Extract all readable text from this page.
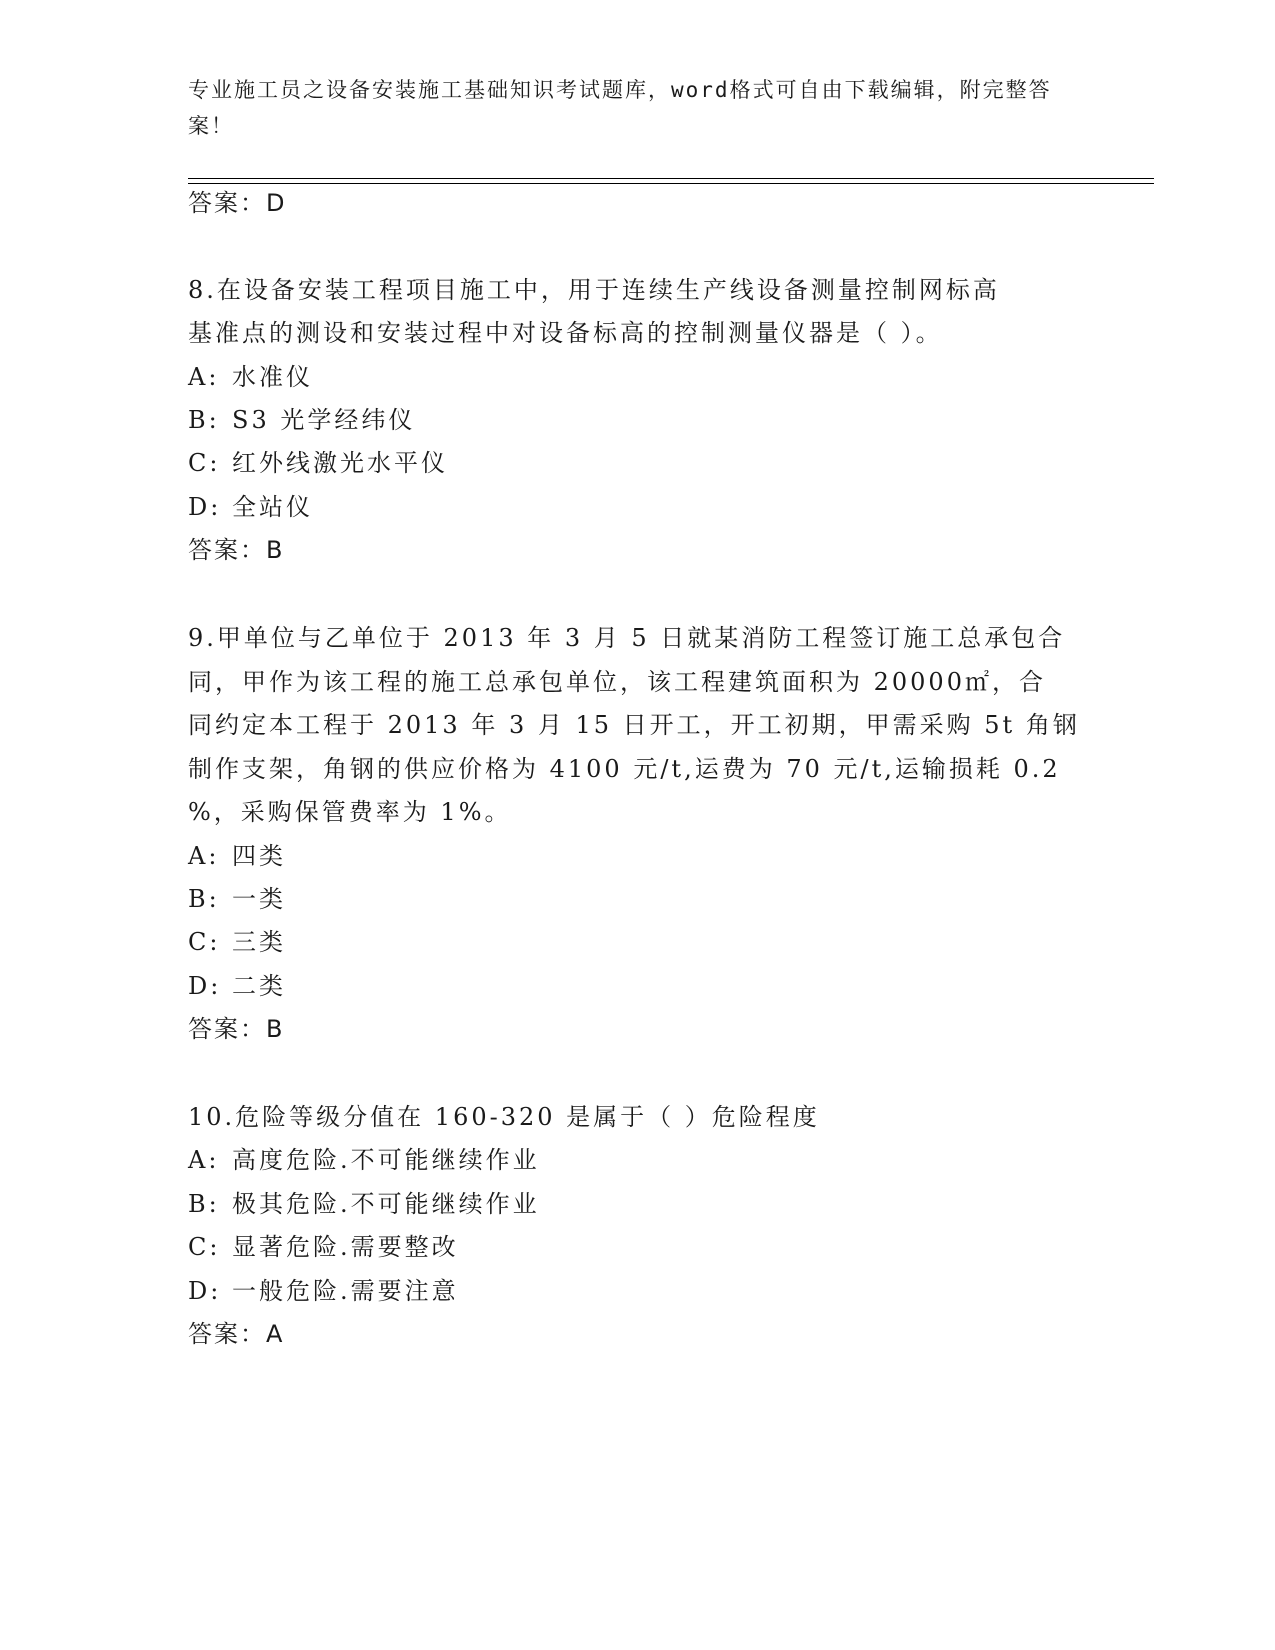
专业施工员之设备安装施工基础知识考试题库，word格式可自由下载编辑，附完整答案！
答案：D
8.在设备安装工程项目施工中，用于连续生产线设备测量控制网标高
基准点的测设和安装过程中对设备标高的控制测量仪器是（ ）。
A: 水准仪
B: S3 光学经纬仪
C: 红外线激光水平仪
D: 全站仪
答案：B
9.甲单位与乙单位于 2013 年 3 月 5 日就某消防工程签订施工总承包合
同，甲作为该工程的施工总承包单位，该工程建筑面积为 20000㎡，合
同约定本工程于 2013 年 3 月 15 日开工，开工初期，甲需采购 5t 角钢
制作支架，角钢的供应价格为 4100 元/t,运费为 70 元/t,运输损耗 0.2
%，采购保管费率为 1%。
A: 四类
B: 一类
C: 三类
D: 二类
答案：B
10.危险等级分值在 160-320 是属于（ ）危险程度
A: 高度危险.不可能继续作业
B: 极其危险.不可能继续作业
C: 显著危险.需要整改
D: 一般危险.需要注意
答案：A
